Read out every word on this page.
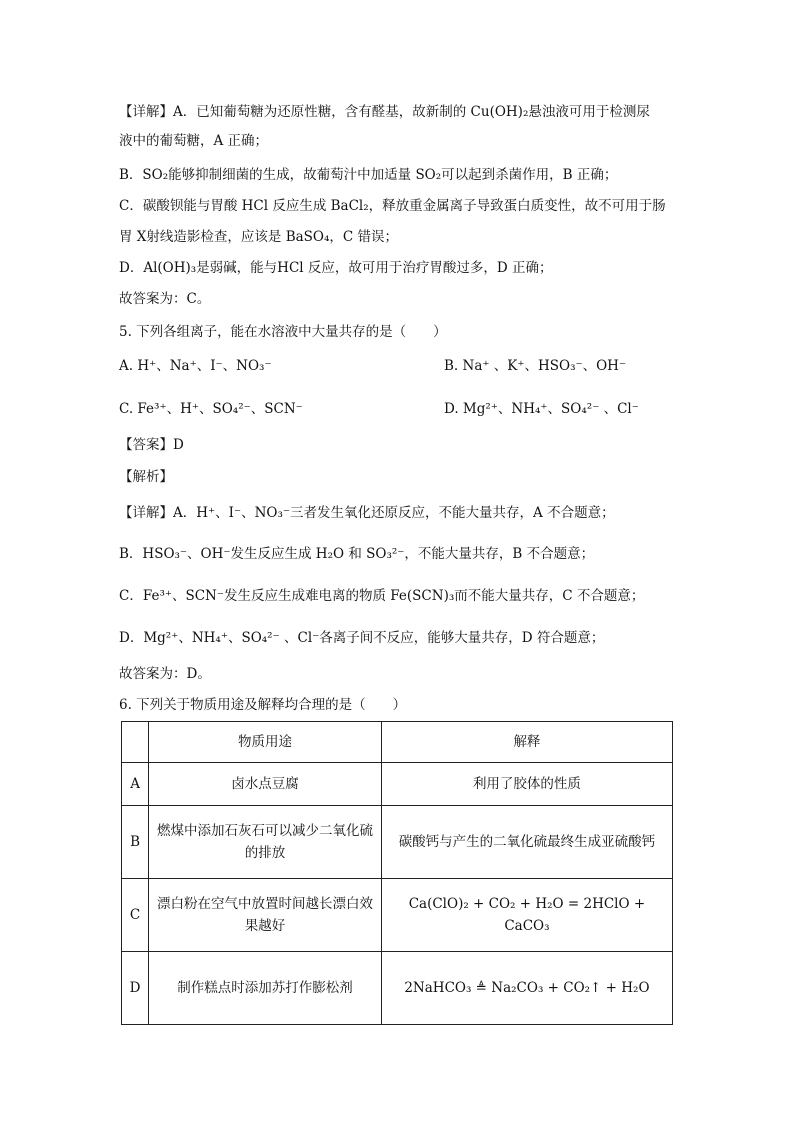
【详解】A．已知葡萄糖为还原性糖，含有醛基，故新制的 Cu(OH)₂悬浊液可用于检测尿
液中的葡萄糖，A 正确；
B．SO₂能够抑制细菌的生成，故葡萄汁中加适量 SO₂可以起到杀菌作用，B 正确；
C．碳酸钡能与胃酸 HCl 反应生成 BaCl₂，释放重金属离子导致蛋白质变性，故不可用于肠
胃 X射线造影检查，应该是 BaSO₄，C 错误；
D．Al(OH)₃是弱碱，能与HCl 反应，故可用于治疗胃酸过多，D 正确；
故答案为：C。
5. 下列各组离子，能在水溶液中大量共存的是（　　）
A. H⁺、Na⁺、I⁻、NO₃⁻	B. Na⁺ 、K⁺、HSO₃⁻、OH⁻
C. Fe³⁺、H⁺、SO₄²⁻、SCN⁻	D. Mg²⁺、NH₄⁺、SO₄²⁻ 、Cl⁻
【答案】D
【解析】
【详解】A．H⁺、I⁻、NO₃⁻三者发生氧化还原反应，不能大量共存，A 不合题意；
B．HSO₃⁻、OH⁻发生反应生成 H₂O 和 SO₃²⁻，不能大量共存，B 不合题意；
C．Fe³⁺、SCN⁻发生反应生成难电离的物质 Fe(SCN)₃而不能大量共存，C 不合题意；
D．Mg²⁺、NH₄⁺、SO₄²⁻ 、Cl⁻各离子间不反应，能够大量共存，D 符合题意；
故答案为：D。
6. 下列关于物质用途及解释均合理的是（　　）
	物质用途	解释
A	卤水点豆腐	利用了胶体的性质
B	燃煤中添加石灰石可以减少二氧化硫的排放	碳酸钙与产生的二氧化硫最终生成亚硫酸钙
C	漂白粉在空气中放置时间越长漂白效果越好	Ca(ClO)₂ + CO₂ + H₂O = 2HClO + CaCO₃
D	制作糕点时添加苏打作膨松剂	2NaHCO₃ ≜ Na₂CO₃ + CO₂↑ + H₂O
